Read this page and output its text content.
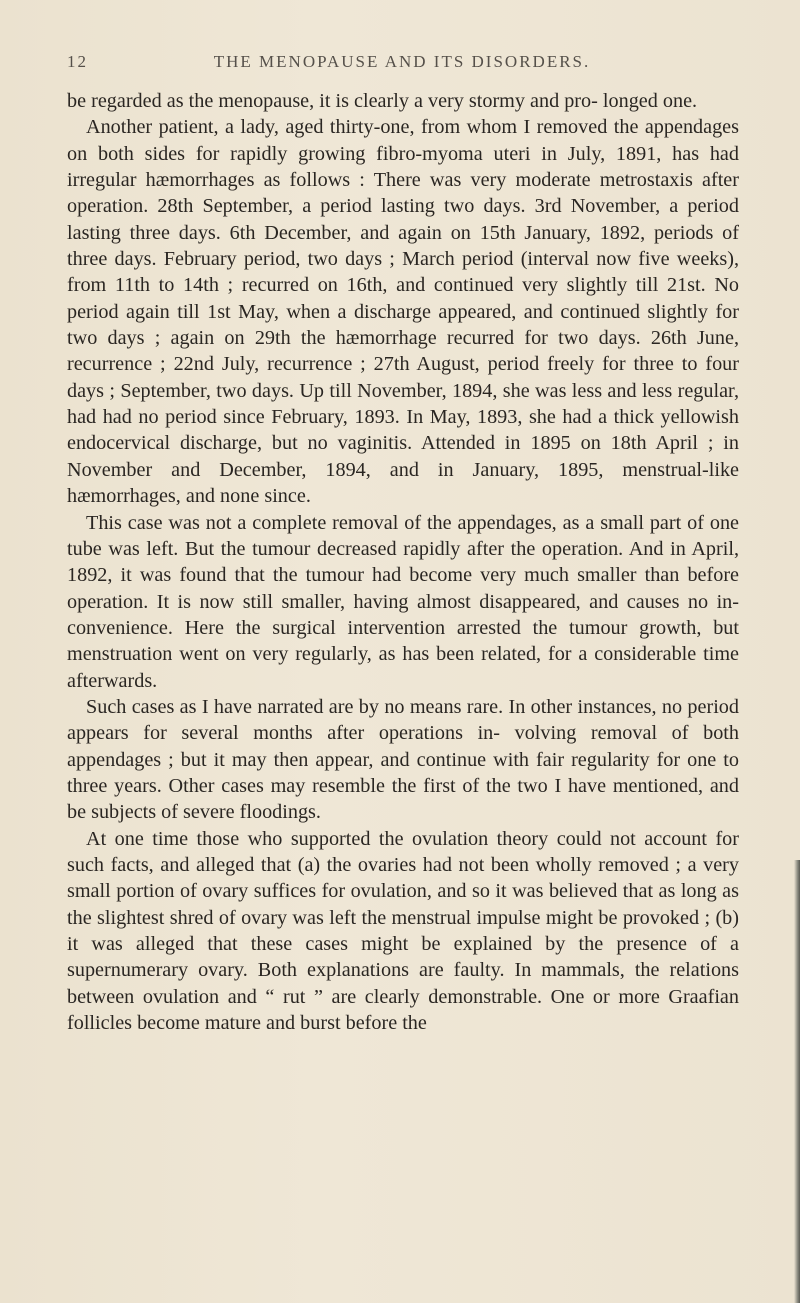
12	THE MENOPAUSE AND ITS DISORDERS.

be regarded as the menopause, it is clearly a very stormy and pro- longed one.

Another patient, a lady, aged thirty-one, from whom I removed the appendages on both sides for rapidly growing fibro-myoma uteri in July, 1891, has had irregular hæmorrhages as follows : There was very moderate metrostaxis after operation. 28th September, a period lasting two days. 3rd November, a period lasting three days. 6th December, and again on 15th January, 1892, periods of three days. February period, two days ; March period (interval now five weeks), from 11th to 14th ; recurred on 16th, and continued very slightly till 21st. No period again till 1st May, when a discharge appeared, and continued slightly for two days ; again on 29th the hæmorrhage recurred for two days. 26th June, recurrence ; 22nd July, recurrence ; 27th August, period freely for three to four days ; September, two days. Up till November, 1894, she was less and less regular, had had no period since February, 1893. In May, 1893, she had a thick yellowish endocervical discharge, but no vaginitis. Attended in 1895 on 18th April ; in November and December, 1894, and in January, 1895, menstrual-like hæmorrhages, and none since.

This case was not a complete removal of the appendages, as a small part of one tube was left. But the tumour decreased rapidly after the operation. And in April, 1892, it was found that the tumour had become very much smaller than before operation. It is now still smaller, having almost disappeared, and causes no in- convenience. Here the surgical intervention arrested the tumour growth, but menstruation went on very regularly, as has been related, for a considerable time afterwards.

Such cases as I have narrated are by no means rare. In other instances, no period appears for several months after operations in- volving removal of both appendages ; but it may then appear, and continue with fair regularity for one to three years. Other cases may resemble the first of the two I have mentioned, and be subjects of severe floodings.

At one time those who supported the ovulation theory could not account for such facts, and alleged that (a) the ovaries had not been wholly removed ; a very small portion of ovary suffices for ovulation, and so it was believed that as long as the slightest shred of ovary was left the menstrual impulse might be provoked ; (b) it was alleged that these cases might be explained by the presence of a supernumerary ovary. Both explanations are faulty. In mammals, the relations between ovulation and “ rut ” are clearly demonstrable. One or more Graafian follicles become mature and burst before the
